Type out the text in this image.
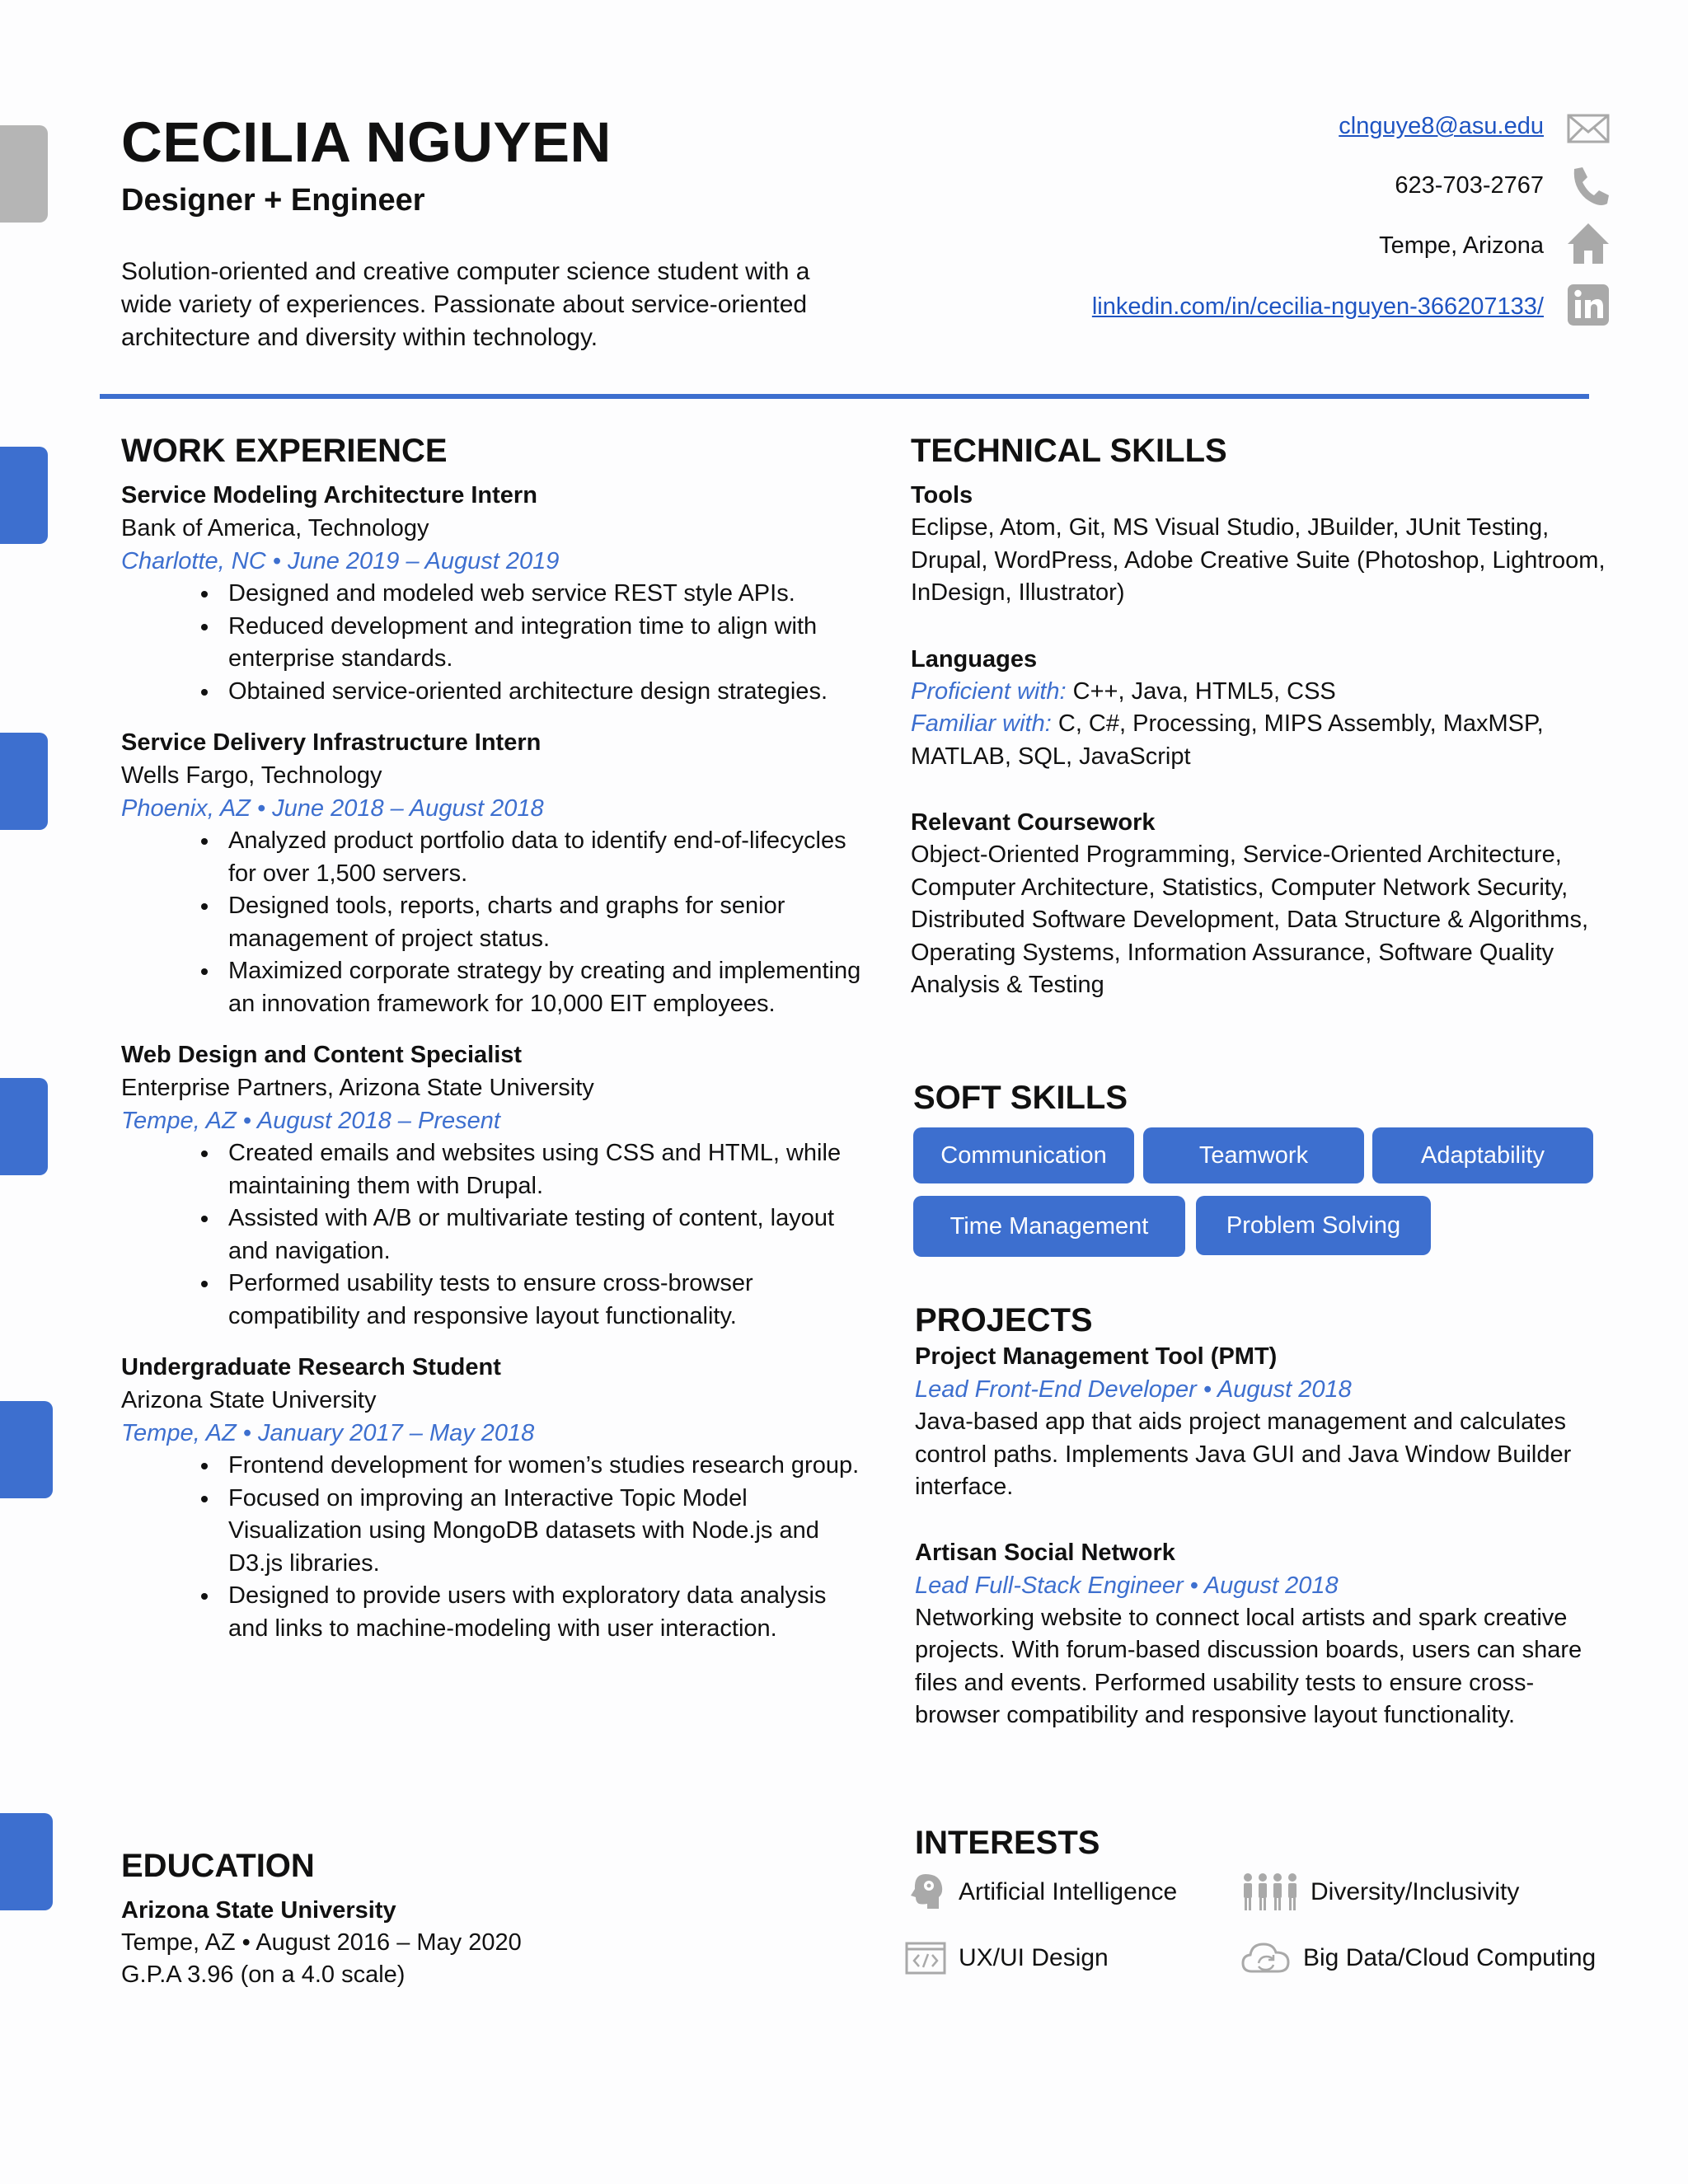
CECILIA NGUYEN
Designer + Engineer
Solution-oriented and creative computer science student with a wide variety of experiences. Passionate about service-oriented architecture and diversity within technology.
clnguye8@asu.edu
623-703-2767
Tempe, Arizona
linkedin.com/in/cecilia-nguyen-366207133/
WORK EXPERIENCE
Service Modeling Architecture Intern
Bank of America, Technology
Charlotte, NC • June 2019 – August 2019
• Designed and modeled web service REST style APIs.
• Reduced development and integration time to align with enterprise standards.
• Obtained service-oriented architecture design strategies.
Service Delivery Infrastructure Intern
Wells Fargo, Technology
Phoenix, AZ • June 2018 – August 2018
• Analyzed product portfolio data to identify end-of-lifecycles for over 1,500 servers.
• Designed tools, reports, charts and graphs for senior management of project status.
• Maximized corporate strategy by creating and implementing an innovation framework for 10,000 EIT employees.
Web Design and Content Specialist
Enterprise Partners, Arizona State University
Tempe, AZ • August 2018 – Present
• Created emails and websites using CSS and HTML, while maintaining them with Drupal.
• Assisted with A/B or multivariate testing of content, layout and navigation.
• Performed usability tests to ensure cross-browser compatibility and responsive layout functionality.
Undergraduate Research Student
Arizona State University
Tempe, AZ • January 2017 – May 2018
• Frontend development for women’s studies research group.
• Focused on improving an Interactive Topic Model Visualization using MongoDB datasets with Node.js and D3.js libraries.
• Designed to provide users with exploratory data analysis and links to machine-modeling with user interaction.
EDUCATION
Arizona State University
Tempe, AZ • August 2016 – May 2020
G.P.A 3.96 (on a 4.0 scale)
TECHNICAL SKILLS
Tools
Eclipse, Atom, Git, MS Visual Studio, JBuilder, JUnit Testing, Drupal, WordPress, Adobe Creative Suite (Photoshop, Lightroom, InDesign, Illustrator)
Languages
Proficient with: C++, Java, HTML5, CSS
Familiar with: C, C#, Processing, MIPS Assembly, MaxMSP, MATLAB, SQL, JavaScript
Relevant Coursework
Object-Oriented Programming, Service-Oriented Architecture, Computer Architecture, Statistics, Computer Network Security, Distributed Software Development, Data Structure & Algorithms, Operating Systems, Information Assurance, Software Quality Analysis & Testing
SOFT SKILLS
Communication	Teamwork	Adaptability
Time Management	Problem Solving
PROJECTS
Project Management Tool (PMT)
Lead Front-End Developer • August 2018
Java-based app that aids project management and calculates control paths. Implements Java GUI and Java Window Builder interface.
Artisan Social Network
Lead Full-Stack Engineer • August 2018
Networking website to connect local artists and spark creative projects. With forum-based discussion boards, users can share files and events. Performed usability tests to ensure cross-browser compatibility and responsive layout functionality.
INTERESTS
Artificial Intelligence	Diversity/Inclusivity
UX/UI Design	Big Data/Cloud Computing
